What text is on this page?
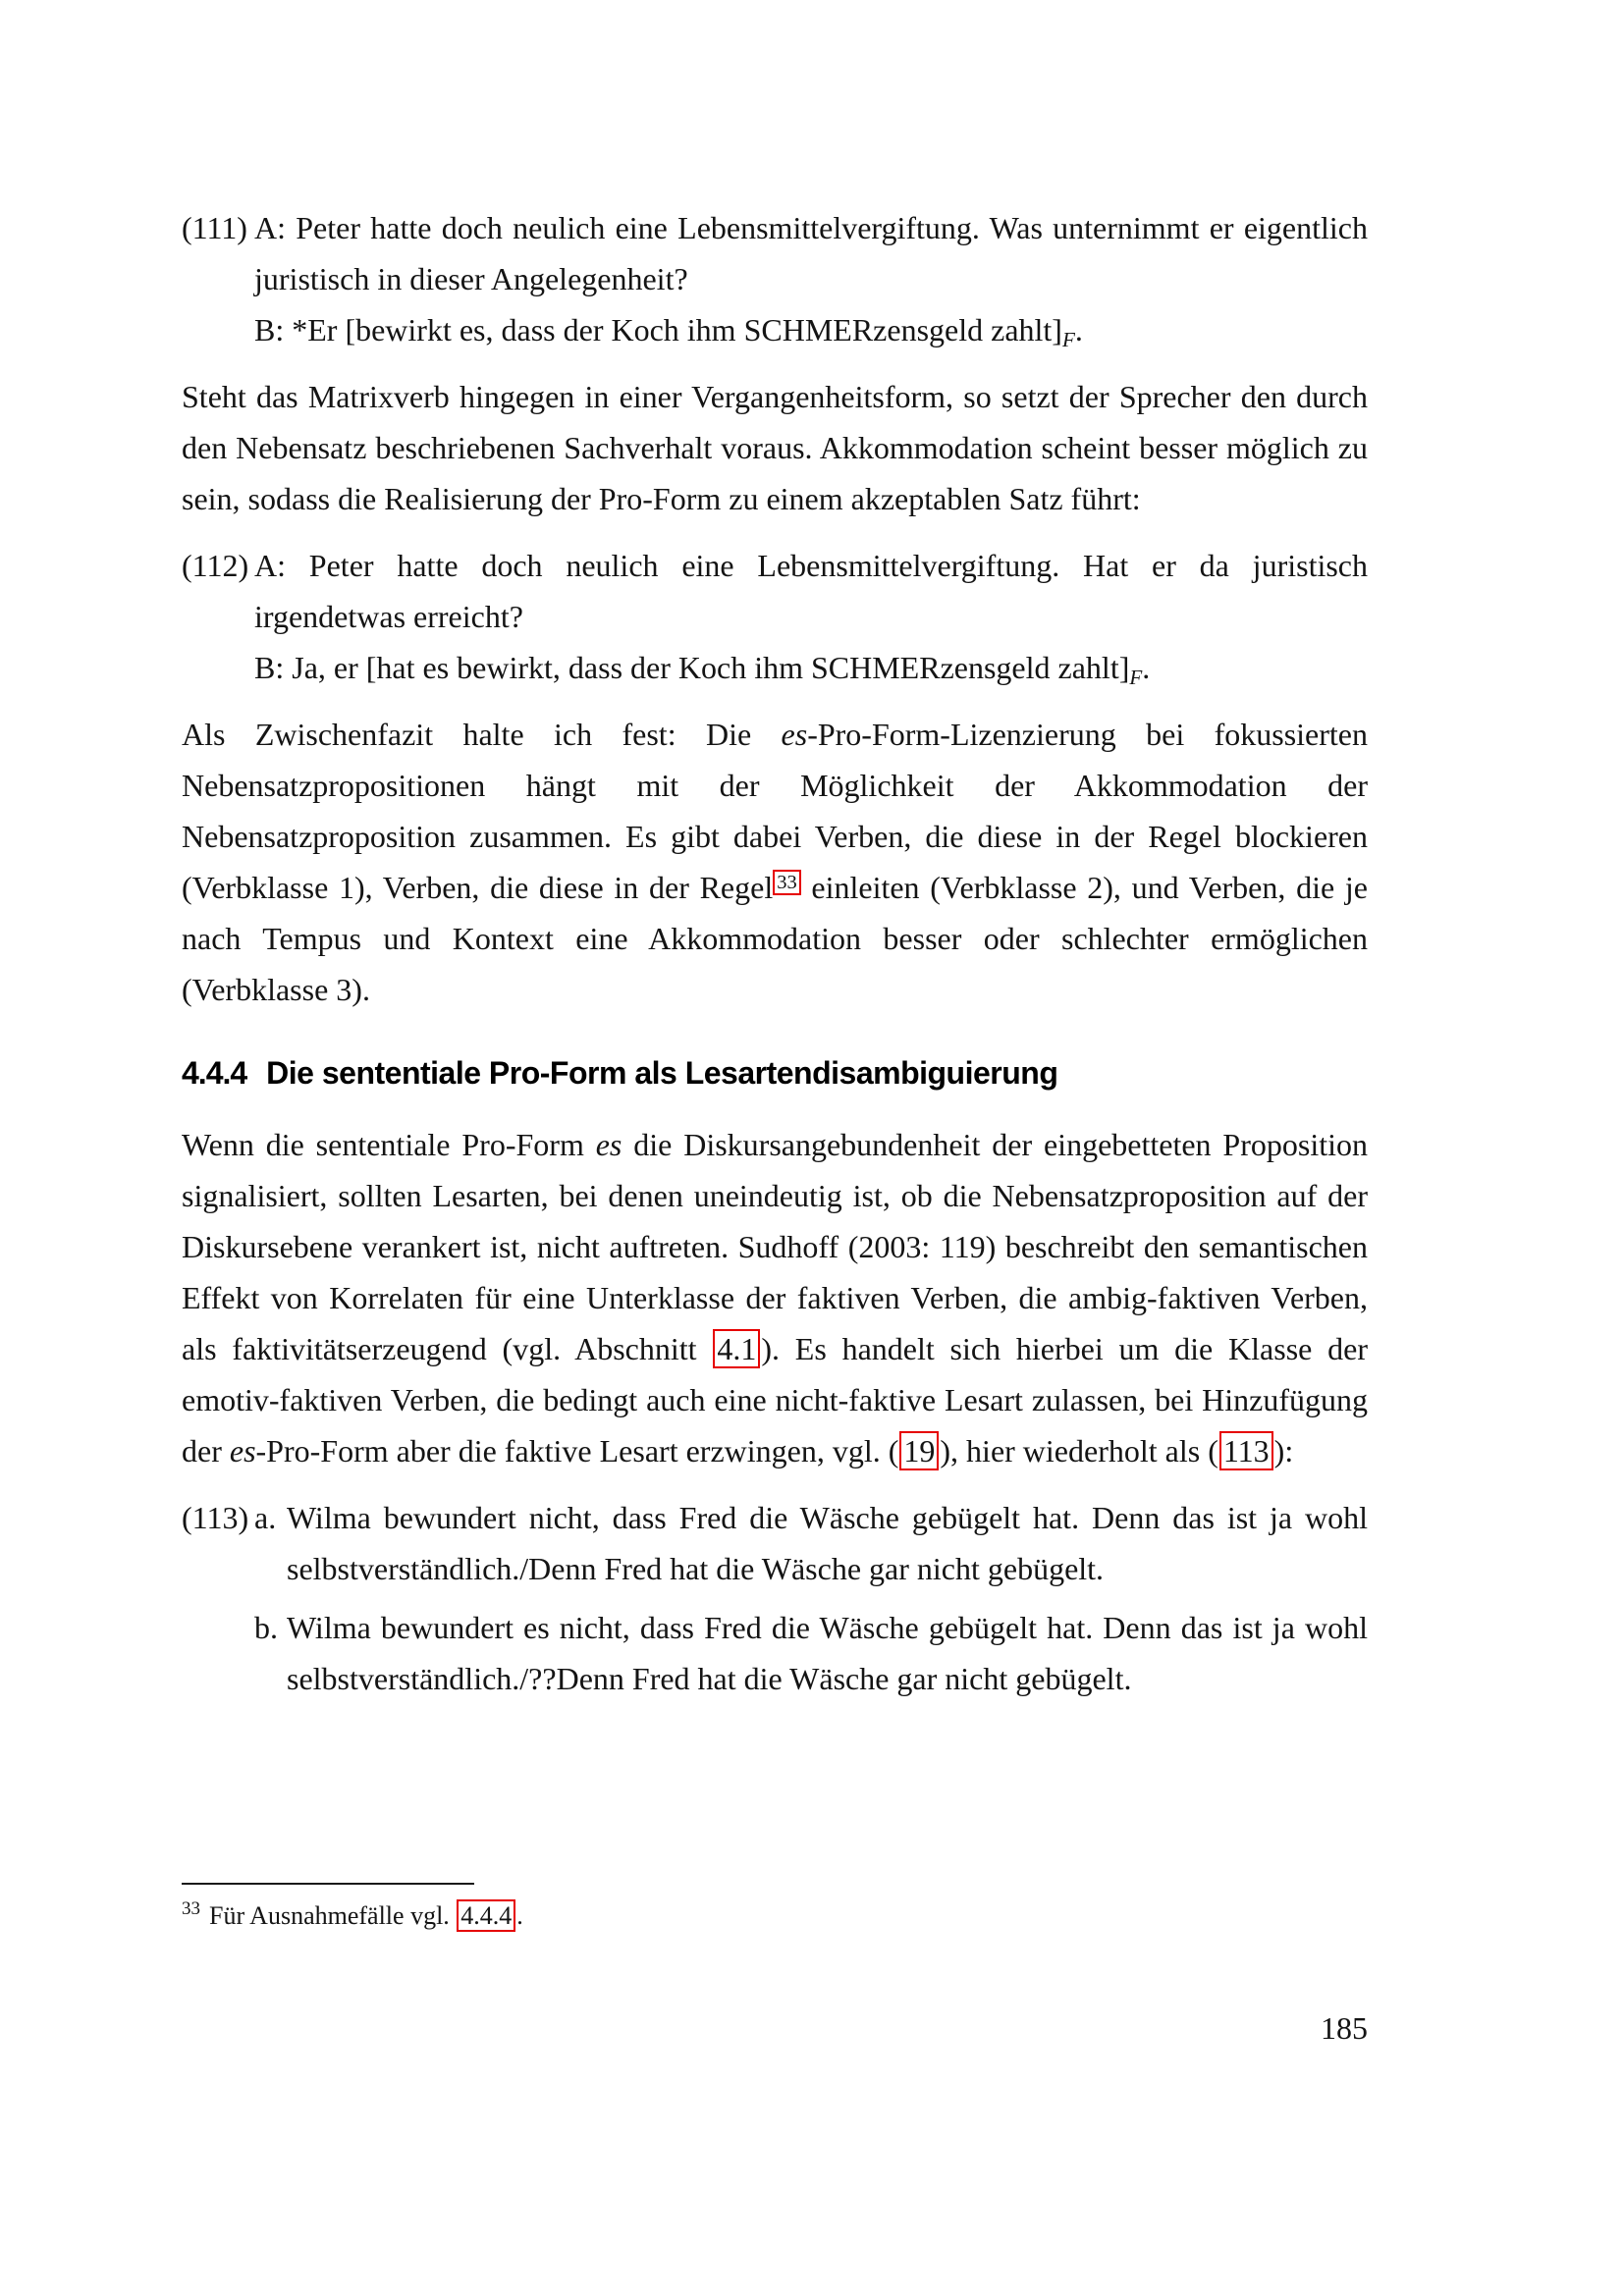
(111) A: Peter hatte doch neulich eine Lebensmittelvergiftung. Was unternimmt er eigentlich juristisch in dieser Angelegenheit?
B: *Er [bewirkt es, dass der Koch ihm SCHMERzensgeld zahlt]F.

Steht das Matrixverb hingegen in einer Vergangenheitsform, so setzt der Sprecher den durch den Nebensatz beschriebenen Sachverhalt voraus. Akkommodation scheint besser möglich zu sein, sodass die Realisierung der Pro-Form zu einem akzeptablen Satz führt:

(112) A: Peter hatte doch neulich eine Lebensmittelvergiftung. Hat er da juristisch irgendetwas erreicht?
B: Ja, er [hat es bewirkt, dass der Koch ihm SCHMERzensgeld zahlt]F.

Als Zwischenfazit halte ich fest: Die es-Pro-Form-Lizenzierung bei fokussierten Nebensatzpropositionen hängt mit der Möglichkeit der Akkommodation der Nebensatzproposition zusammen. Es gibt dabei Verben, die diese in der Regel blockieren (Verbklasse 1), Verben, die diese in der Regel $^{33}$ einleiten (Verbklasse 2), und Verben, die je nach Tempus und Kontext eine Akkommodation besser oder schlechter ermöglichen (Verbklasse 3).

4.4.4 Die sententiale Pro-Form als Lesartendisambiguierung

Wenn die sententiale Pro-Form es die Diskursangebundenheit der eingebetteten Proposition signalisiert, sollten Lesarten, bei denen uneindeutig ist, ob die Nebensatzproposition auf der Diskursebene verankert ist, nicht auftreten. Sudhoff (2003: 119) beschreibt den semantischen Effekt von Korrelaten für eine Unterklasse der faktiven Verben, die ambig-faktiven Verben, als faktivitätserzeugend (vgl. Abschnitt 4.1 ). Es handelt sich hierbei um die Klasse der emotiv-faktiven Verben, die bedingt auch eine nicht-faktive Lesart zulassen, bei Hinzufügung der es-Pro-Form aber die faktive Lesart erzwingen, vgl. ( 19 ), hier wiederholt als ( 113 ):

(113) a. Wilma bewundert nicht, dass Fred die Wäsche gebügelt hat. Denn das ist ja wohl selbstverständlich./Denn Fred hat die Wäsche gar nicht gebügelt.
b. Wilma bewundert es nicht, dass Fred die Wäsche gebügelt hat. Denn das ist ja wohl selbstverständlich./??Denn Fred hat die Wäsche gar nicht gebügelt.
$^{33}$ Für Ausnahmefälle vgl. 4.4.4 .
185
